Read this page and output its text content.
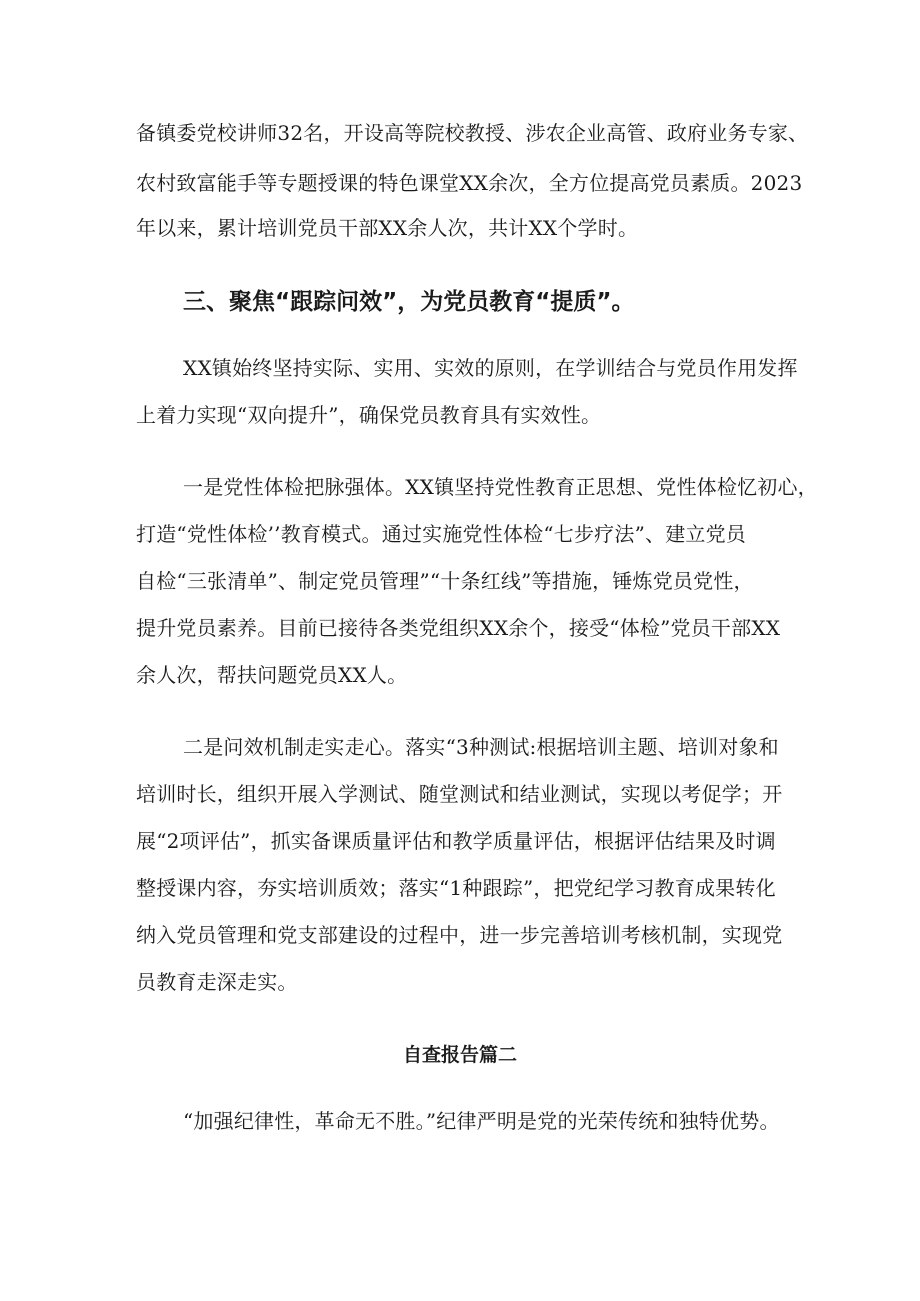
备镇委党校讲师32名，开设高等院校教授、涉农企业高管、政府业务专家、
农村致富能手等专题授课的特色课堂XX余次，全方位提高党员素质。2023
年以来，累计培训党员干部XX余人次，共计XX个学时。
三、聚焦“跟踪问效”，为党员教育“提质”。
XX镇始终坚持实际、实用、实效的原则，在学训结合与党员作用发挥
上着力实现“双向提升”，确保党员教育具有实效性。
一是党性体检把脉强体。XX镇坚持党性教育正思想、党性体检忆初心，
打造“党性体检’’教育模式。通过实施党性体检“七步疗法”、建立党员
自检“三张清单”、制定党员管理”“十条红线”等措施，锤炼党员党性，
提升党员素养。目前已接待各类党组织XX余个，接受“体检”党员干部XX
余人次，帮扶问题党员XX人。
二是问效机制走实走心。落实“3种测试:根据培训主题、培训对象和
培训时长，组织开展入学测试、随堂测试和结业测试，实现以考促学；开
展“2项评估”，抓实备课质量评估和教学质量评估，根据评估结果及时调
整授课内容，夯实培训质效；落实“1种跟踪”，把党纪学习教育成果转化
纳入党员管理和党支部建设的过程中，进一步完善培训考核机制，实现党
员教育走深走实。
自查报告篇二
“加强纪律性，革命无不胜。”纪律严明是党的光荣传统和独特优势。
